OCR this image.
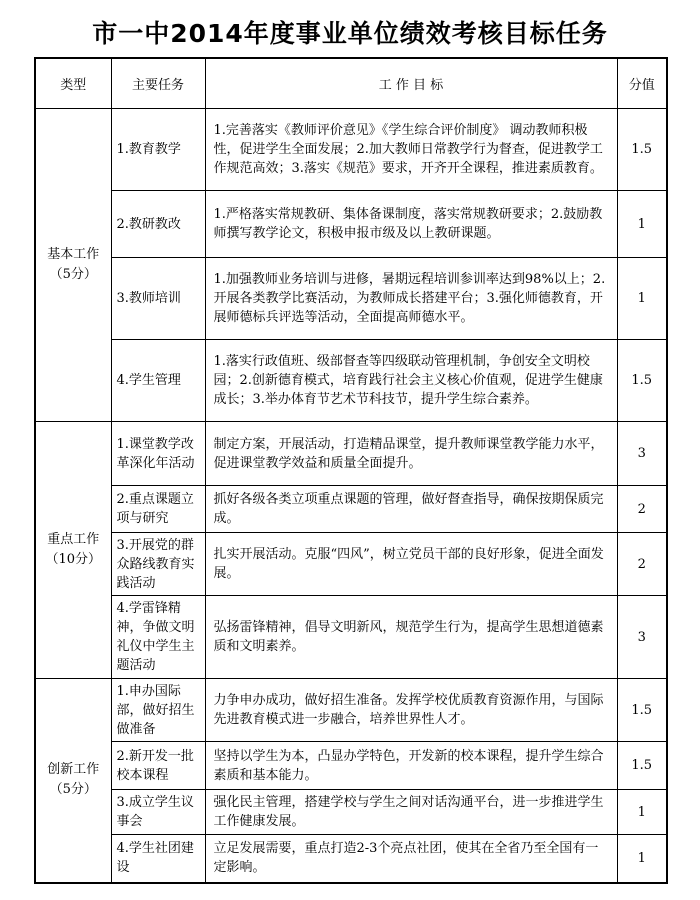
市一中2014年度事业单位绩效考核目标任务
类型	主要任务	工 作 目 标	分值

基本工作
（5分）	1.教育教学	1.完善落实《教师评价意见》《学生综合评价制度》 调动教师积极性，促进学生全面发展；2.加大教师日常教学行为督查，促进教学工作规范高效；3.落实《规范》要求，开齐开全课程，推进素质教育。	1.5
	2.教研教改	1.严格落实常规教研、集体备课制度，落实常规教研要求；2.鼓励教师撰写教学论文，积极申报市级及以上教研课题。	1
	3.教师培训	1.加强教师业务培训与进修，暑期远程培训参训率达到98%以上；2.开展各类教学比赛活动，为教师成长搭建平台；3.强化师德教育，开展师德标兵评选等活动，全面提高师德水平。	1
	4.学生管理	1.落实行政值班、级部督查等四级联动管理机制，争创安全文明校园；2.创新德育模式，培育践行社会主义核心价值观，促进学生健康成长；3.举办体育节艺术节科技节，提升学生综合素养。	1.5

重点工作
（10分）	1.课堂教学改革深化年活动	制定方案，开展活动，打造精品课堂，提升教师课堂教学能力水平，促进课堂教学效益和质量全面提升。	3
	2.重点课题立项与研究	抓好各级各类立项重点课题的管理，做好督查指导，确保按期保质完成。	2
	3.开展党的群众路线教育实践活动	扎实开展活动。克服“四风”，树立党员干部的良好形象，促进全面发展。	2
	4.学雷锋精神，争做文明礼仪中学生主题活动	弘扬雷锋精神，倡导文明新风，规范学生行为，提高学生思想道德素质和文明素养。	3

创新工作
（5分）	1.申办国际部，做好招生做准备	力争申办成功，做好招生准备。发挥学校优质教育资源作用，与国际先进教育模式进一步融合，培养世界性人才。	1.5
	2.新开发一批校本课程	坚持以学生为本，凸显办学特色，开发新的校本课程，提升学生综合素质和基本能力。	1.5
	3.成立学生议事会	强化民主管理，搭建学校与学生之间对话沟通平台，进一步推进学生工作健康发展。	1
	4.学生社团建设	立足发展需要，重点打造2-3个亮点社团，使其在全省乃至全国有一定影响。	1
